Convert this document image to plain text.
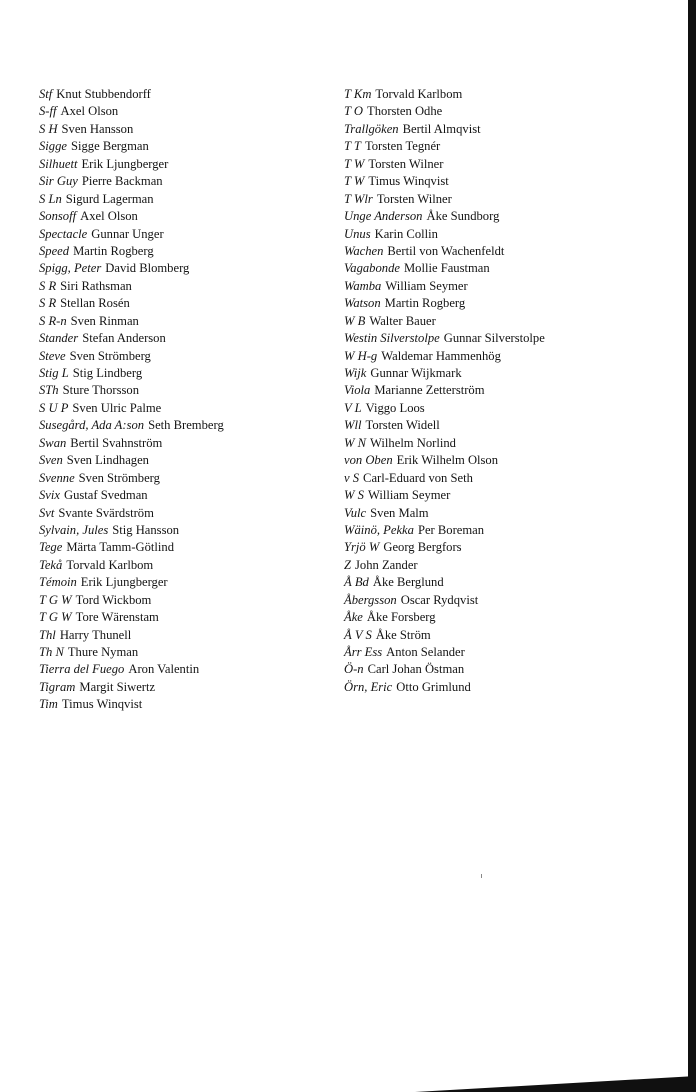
Stf Knut Stubbendorff
S-ff Axel Olson
S H Sven Hansson
Sigge Sigge Bergman
Silhuett Erik Ljungberger
Sir Guy Pierre Backman
S Ln Sigurd Lagerman
Sonsoff Axel Olson
Spectacle Gunnar Unger
Speed Martin Rogberg
Spigg, Peter David Blomberg
S R Siri Rathsman
S R Stellan Rosén
S R-n Sven Rinman
Stander Stefan Anderson
Steve Sven Strömberg
Stig L Stig Lindberg
STh Sture Thorsson
S U P Sven Ulric Palme
Susegård, Ada A:son Seth Bremberg
Swan Bertil Svahnström
Sven Sven Lindhagen
Svenne Sven Strömberg
Svix Gustaf Svedman
Svt Svante Svärdström
Sylvain, Jules Stig Hansson
Tege Märta Tamm-Götlind
Tekå Torvald Karlbom
Témoin Erik Ljungberger
T G W Tord Wickbom
T G W Tore Wärenstam
Thl Harry Thunell
Th N Thure Nyman
Tierra del Fuego Aron Valentin
Tigram Margit Siwertz
Tim Timus Winqvist
T Km Torvald Karlbom
T O Thorsten Odhe
Trallgöken Bertil Almqvist
T T Torsten Tegnér
T W Torsten Wilner
T W Timus Winqvist
T Wlr Torsten Wilner
Unge Anderson Åke Sundborg
Unus Karin Collin
Wachen Bertil von Wachenfeldt
Vagabonde Mollie Faustman
Wamba William Seymer
Watson Martin Rogberg
W B Walter Bauer
Westin Silverstolpe Gunnar Silverstolpe
W H-g Waldemar Hammenhög
Wijk Gunnar Wijkmark
Viola Marianne Zetterström
V L Viggo Loos
Wll Torsten Widell
W N Wilhelm Norlind
von Oben Erik Wilhelm Olson
v S Carl-Eduard von Seth
W S William Seymer
Vulc Sven Malm
Wäinö, Pekka Per Boreman
Yrjö W Georg Bergfors
Z John Zander
Å Bd Åke Berglund
Åbergsson Oscar Rydqvist
Åke Åke Forsberg
Å V S Åke Ström
Årr Ess Anton Selander
Ö-n Carl Johan Östman
Örn, Eric Otto Grimlund
